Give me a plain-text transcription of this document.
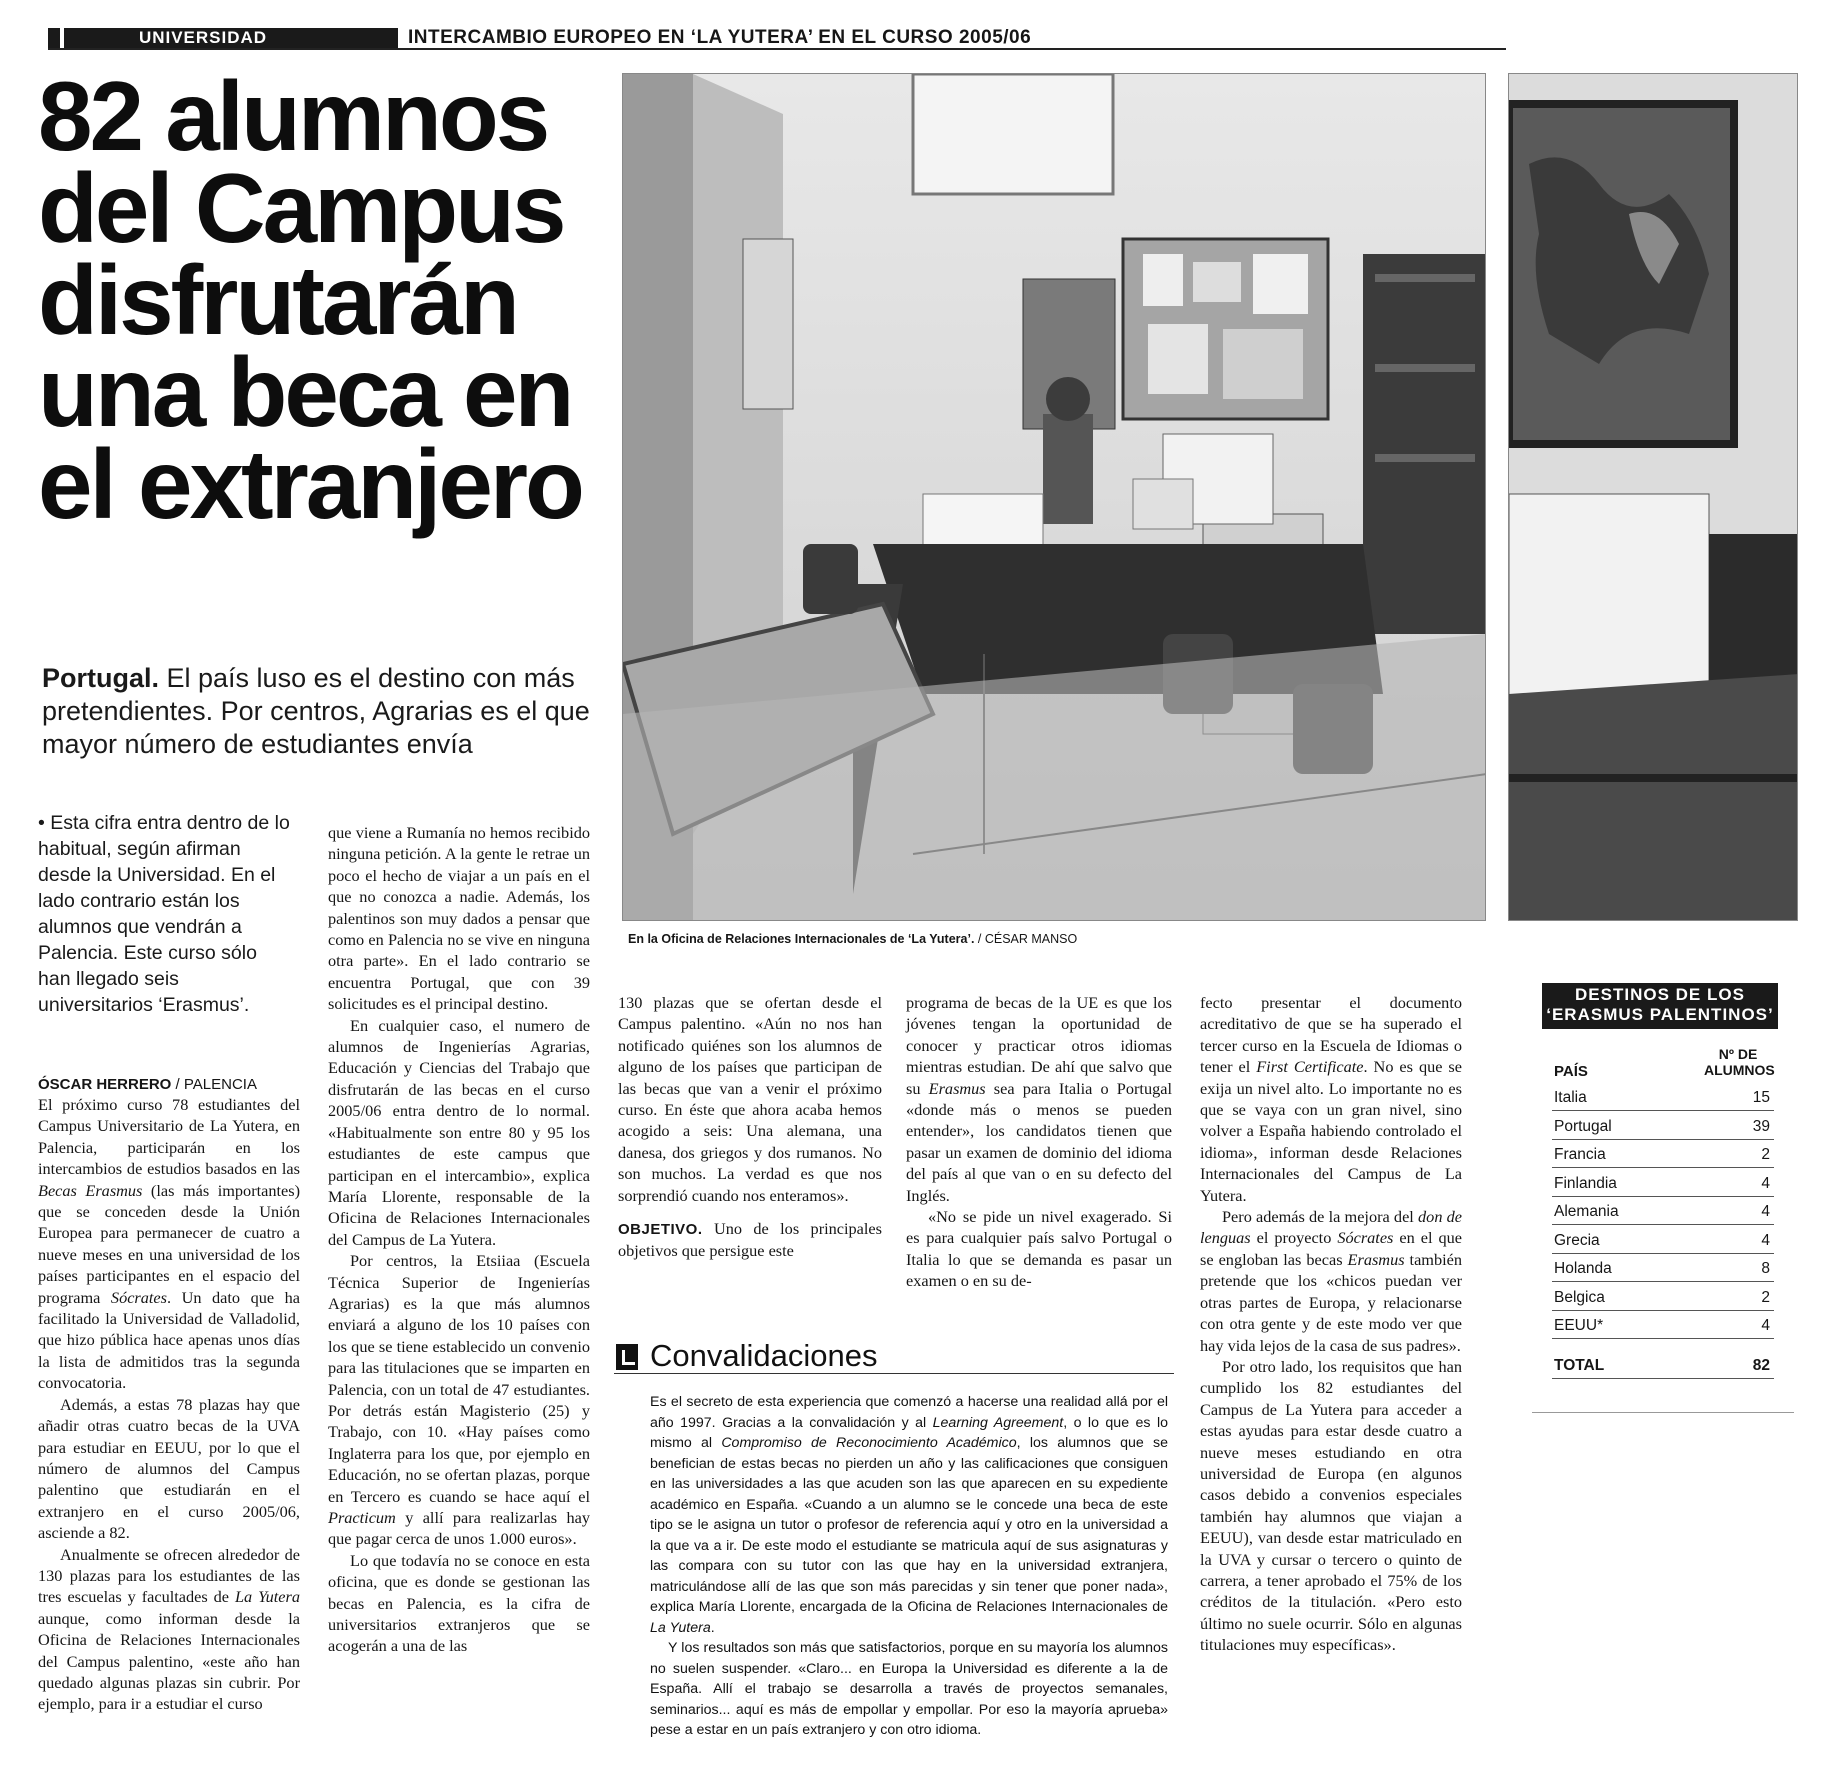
UNIVERSIDAD	INTERCAMBIO EUROPEO EN ‘LA YUTERA’ EN EL CURSO 2005/06
82 alumnos
del Campus
disfrutarán
una beca en
el extranjero
Portugal. El país luso es el destino con más pretendientes. Por centros, Agrarias es el que mayor número de estudiantes envía
• Esta cifra entra dentro de lo habitual, según afirman desde la Universidad. En el lado contrario están los alumnos que vendrán a Palencia. Este curso sólo han llegado seis universitarios ‘Erasmus’.
ÓSCAR HERRERO / PALENCIA

El próximo curso 78 estudiantes del Campus Universitario de La Yutera, en Palencia, participarán en los intercambios de estudios basados en las Becas Erasmus (las más importantes) que se conceden desde la Unión Europea para permanecer de cuatro a nueve meses en una universidad de los países participantes en el espacio del programa Sócrates. Un dato que ha facilitado la Universidad de Valladolid, que hizo pública hace apenas unos días la lista de admitidos tras la segunda convocatoria.

Además, a estas 78 plazas hay que añadir otras cuatro becas de la UVA para estudiar en EEUU, por lo que el número de alumnos del Campus palentino que estudiarán en el extranjero en el curso 2005/06, asciende a 82.

Anualmente se ofrecen alrededor de 130 plazas para los estudiantes de las tres escuelas y facultades de La Yutera aunque, como informan desde la Oficina de Relaciones Internacionales del Campus palentino, «este año han quedado algunas plazas sin cubrir. Por ejemplo, para ir a estudiar el curso

que viene a Rumanía no hemos recibido ninguna petición. A la gente le retrae un poco el hecho de viajar a un país en el que no conozca a nadie. Además, los palentinos son muy dados a pensar que como en Palencia no se vive en ninguna otra parte». En el lado contrario se encuentra Portugal, que con 39 solicitudes es el principal destino.

En cualquier caso, el numero de alumnos de Ingenierías Agrarias, Educación y Ciencias del Trabajo que disfrutarán de las becas en el curso 2005/06 entra dentro de lo normal. «Habitualmente son entre 80 y 95 los estudiantes de este campus que participan en el intercambio», explica María Llorente, responsable de la Oficina de Relaciones Internacionales del Campus de La Yutera.

Por centros, la Etsiiaa (Escuela Técnica Superior de Ingenierías Agrarias) es la que más alumnos enviará a alguno de los 10 países con los que se tiene establecido un convenio para las titulaciones que se imparten en Palencia, con un total de 47 estudiantes. Por detrás están Magisterio (25) y Trabajo, con 10. «Hay países como Inglaterra para los que, por ejemplo en Educación, no se ofertan plazas, porque en Tercero es cuando se hace aquí el Practicum y allí para realizarlas hay que pagar cerca de unos 1.000 euros».

Lo que todavía no se conoce en esta oficina, que es donde se gestionan las becas en Palencia, es la cifra de universitarios extranjeros que se acogerán a una de las

En la Oficina de Relaciones Internacionales de ‘La Yutera’. / CÉSAR MANSO

130 plazas que se ofertan desde el Campus palentino. «Aún no nos han notificado quiénes son los alumnos de alguno de los países que participan de las becas que van a venir el próximo curso. En éste que ahora acaba hemos acogido a seis: Una alemana, una danesa, dos griegos y dos rumanos. No son muchos. La verdad es que nos sorprendió cuando nos enteramos».

OBJETIVO. Uno de los principales objetivos que persigue este

programa de becas de la UE es que los jóvenes tengan la oportunidad de conocer y practicar otros idiomas mientras estudian. De ahí que salvo que su Erasmus sea para Italia o Portugal «donde más o menos se pueden entender», los candidatos tienen que pasar un examen de dominio del idioma del país al que van o en su defecto del Inglés.

«No se pide un nivel exagerado. Si es para cualquier país salvo Portugal o Italia lo que se demanda es pasar un examen o en su de-

fecto presentar el documento acreditativo de que se ha superado el tercer curso en la Escuela de Idiomas o tener el First Certificate. No es que se exija un nivel alto. Lo importante no es que se vaya con un gran nivel, sino volver a España habiendo controlado el idioma», informan desde Relaciones Internacionales del Campus de La Yutera.

Pero además de la mejora del don de lenguas el proyecto Sócrates en el que se engloban las becas Erasmus también pretende que los «chicos puedan ver otras partes de Europa, y relacionarse con otra gente y de este modo ver que hay vida lejos de la casa de sus padres».

Por otro lado, los requisitos que han cumplido los 82 estudiantes del Campus de La Yutera para acceder a estas ayudas para estar desde cuatro a nueve meses estudiando en otra universidad de Europa (en algunos casos debido a convenios especiales también hay alumnos que viajan a EEUU), van desde estar matriculado en la UVA y cursar o tercero o quinto de carrera, a tener aprobado el 75% de los créditos de la titulación. «Pero esto último no suele ocurrir. Sólo en algunas titulaciones muy específicas».

Convalidaciones

Es el secreto de esta experiencia que comenzó a hacerse una realidad allá por el año 1997. Gracias a la convalidación y al Learning Agreement, o lo que es lo mismo al Compromiso de Reconocimiento Académico, los alumnos que se benefician de estas becas no pierden un año y las calificaciones que consiguen en las universidades a las que acuden son las que aparecen en su expediente académico en España. «Cuando a un alumno se le concede una beca de este tipo se le asigna un tutor o profesor de referencia aquí y otro en la universidad a la que va a ir. De este modo el estudiante se matricula aquí de sus asignaturas y las compara con su tutor con las que hay en la universidad extranjera, matriculándose allí de las que son más parecidas y sin tener que poner nada», explica María Llorente, encargada de la Oficina de Relaciones Internacionales de La Yutera.

Y los resultados son más que satisfactorios, porque en su mayoría los alumnos no suelen suspender. «Claro... en Europa la Universidad es diferente a la de España. Allí el trabajo se desarrolla a través de proyectos semanales, seminarios... aquí es más de empollar y empollar. Por eso la mayoría aprueba» pese a estar en un país extranjero y con otro idioma.

DESTINOS DE LOS
‘ERASMUS PALENTINOS’
PAÍS
Nº DE
ALUMNOS
Italia	15
Portugal	39
Francia	2
Finlandia	4
Alemania	4
Grecia	4
Holanda	8
Belgica	2
EEUU*	4
TOTAL	82
